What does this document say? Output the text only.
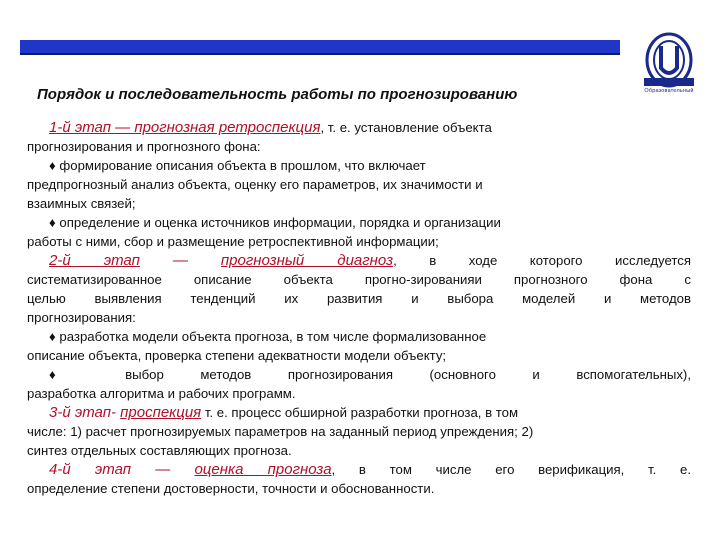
Образовательный
Порядок и последовательность работы по прогнозированию

1-й этап — прогнозная ретроспекция, т. е. установление объекта

прогнозирования и прогнозного фона:

♦ формирование описания объекта в прошлом, что включает

предпрогнозный анализ объекта, оценку его параметров, их значимости и

взаимных связей;

♦ определение и оценка источников информации, порядка и организации

работы с ними, сбор и размещение ретроспективной информации;

2-й этап — прогнозный диагноз, в ходе которого исследуется

систематизированное описание объекта прогно-зированияи прогнозного фона с

целью выявления тенденций их развития и выбора моделей и методов

прогнозирования:

♦ разработка модели объекта прогноза, в том числе формализованное

описание объекта, проверка степени адекватности модели объекту;

♦ выбор методов прогнозирования (основного и вспомогательных),

разработка алгоритма и рабочих программ.

3-й этап- проспекция т. е. процесс обширной разработки прогноза, в том

числе: 1) расчет прогнозируемых параметров на заданный период упреждения; 2)

синтез отдельных составляющих прогноза.

4-й этап — оценка прогноза, в том числе его верификация, т. е.

определение степени достоверности, точности и обоснованности.
